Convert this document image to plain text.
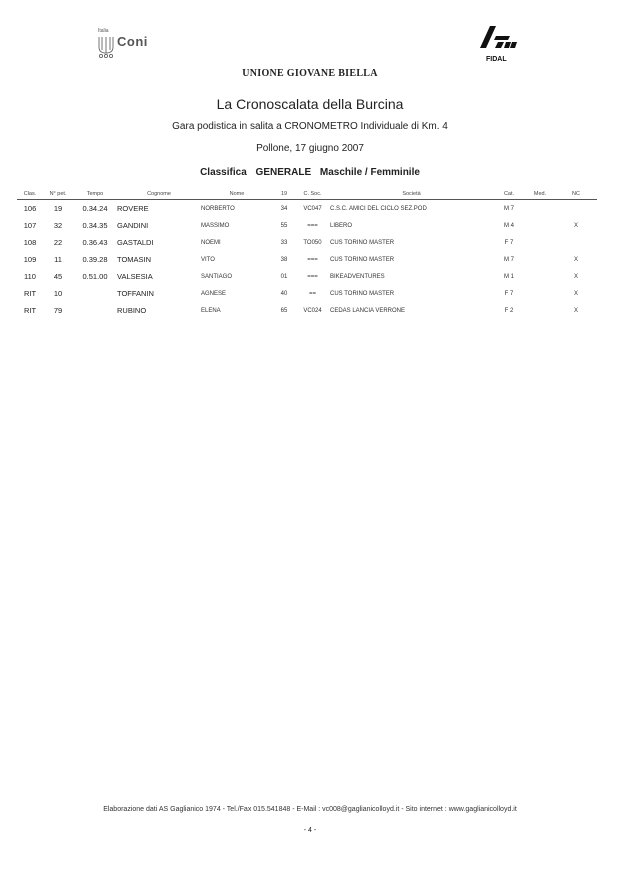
Italia
Coni
FIDAL
UNIONE GIOVANE BIELLA
La Cronoscalata della Burcina
Gara podistica in salita a CRONOMETRO Individuale di Km. 4
Pollone, 17 giugno 2007
Classifica GENERALE Maschile / Femminile
Clas.	N° pet.	Tempo	Cognome	Nome	19	C. Soc.	Società	Cat.	Med.	NC
106	19	0.34.24	ROVERE	NORBERTO	34	VC047	C.S.C. AMICI DEL CICLO SEZ.POD	M 7		
107	32	0.34.35	GANDINI	MASSIMO	55	===	LIBERO	M 4		X
108	22	0.36.43	GASTALDI	NOEMI	33	TO050	CUS TORINO MASTER	F 7		
109	11	0.39.28	TOMASIN	VITO	38	===	CUS TORINO MASTER	M 7		X
110	45	0.51.00	VALSESIA	SANTIAGO	01	===	BIKEADVENTURES	M 1		X
RIT	10		TOFFANIN	AGNESE	40	==	CUS TORINO MASTER	F 7		X
RIT	79		RUBINO	ELENA	65	VC024	CEDAS LANCIA VERRONE	F 2		X
Elaborazione dati AS Gaglianico 1974 - Tel./Fax 015.541848 - E-Mail : vc008@gaglianicolloyd.it - Sito internet : www.gaglianicolloyd.it
- 4 -
